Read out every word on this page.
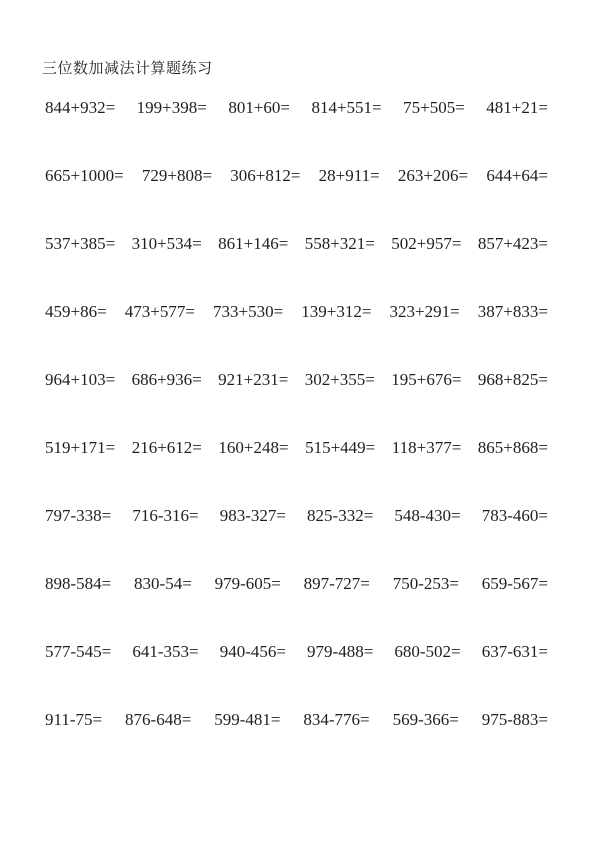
三位数加减法计算题练习
844+932= 199+398= 801+60= 814+551= 75+505= 481+21=
665+1000= 729+808= 306+812= 28+911= 263+206= 644+64=
537+385= 310+534= 861+146= 558+321= 502+957= 857+423=
459+86= 473+577= 733+530= 139+312= 323+291= 387+833=
964+103= 686+936= 921+231= 302+355= 195+676= 968+825=
519+171= 216+612= 160+248= 515+449= 118+377= 865+868=
797-338= 716-316= 983-327= 825-332= 548-430= 783-460=
898-584= 830-54= 979-605= 897-727= 750-253= 659-567=
577-545= 641-353= 940-456= 979-488= 680-502= 637-631=
911-75= 876-648= 599-481= 834-776= 569-366= 975-883=
